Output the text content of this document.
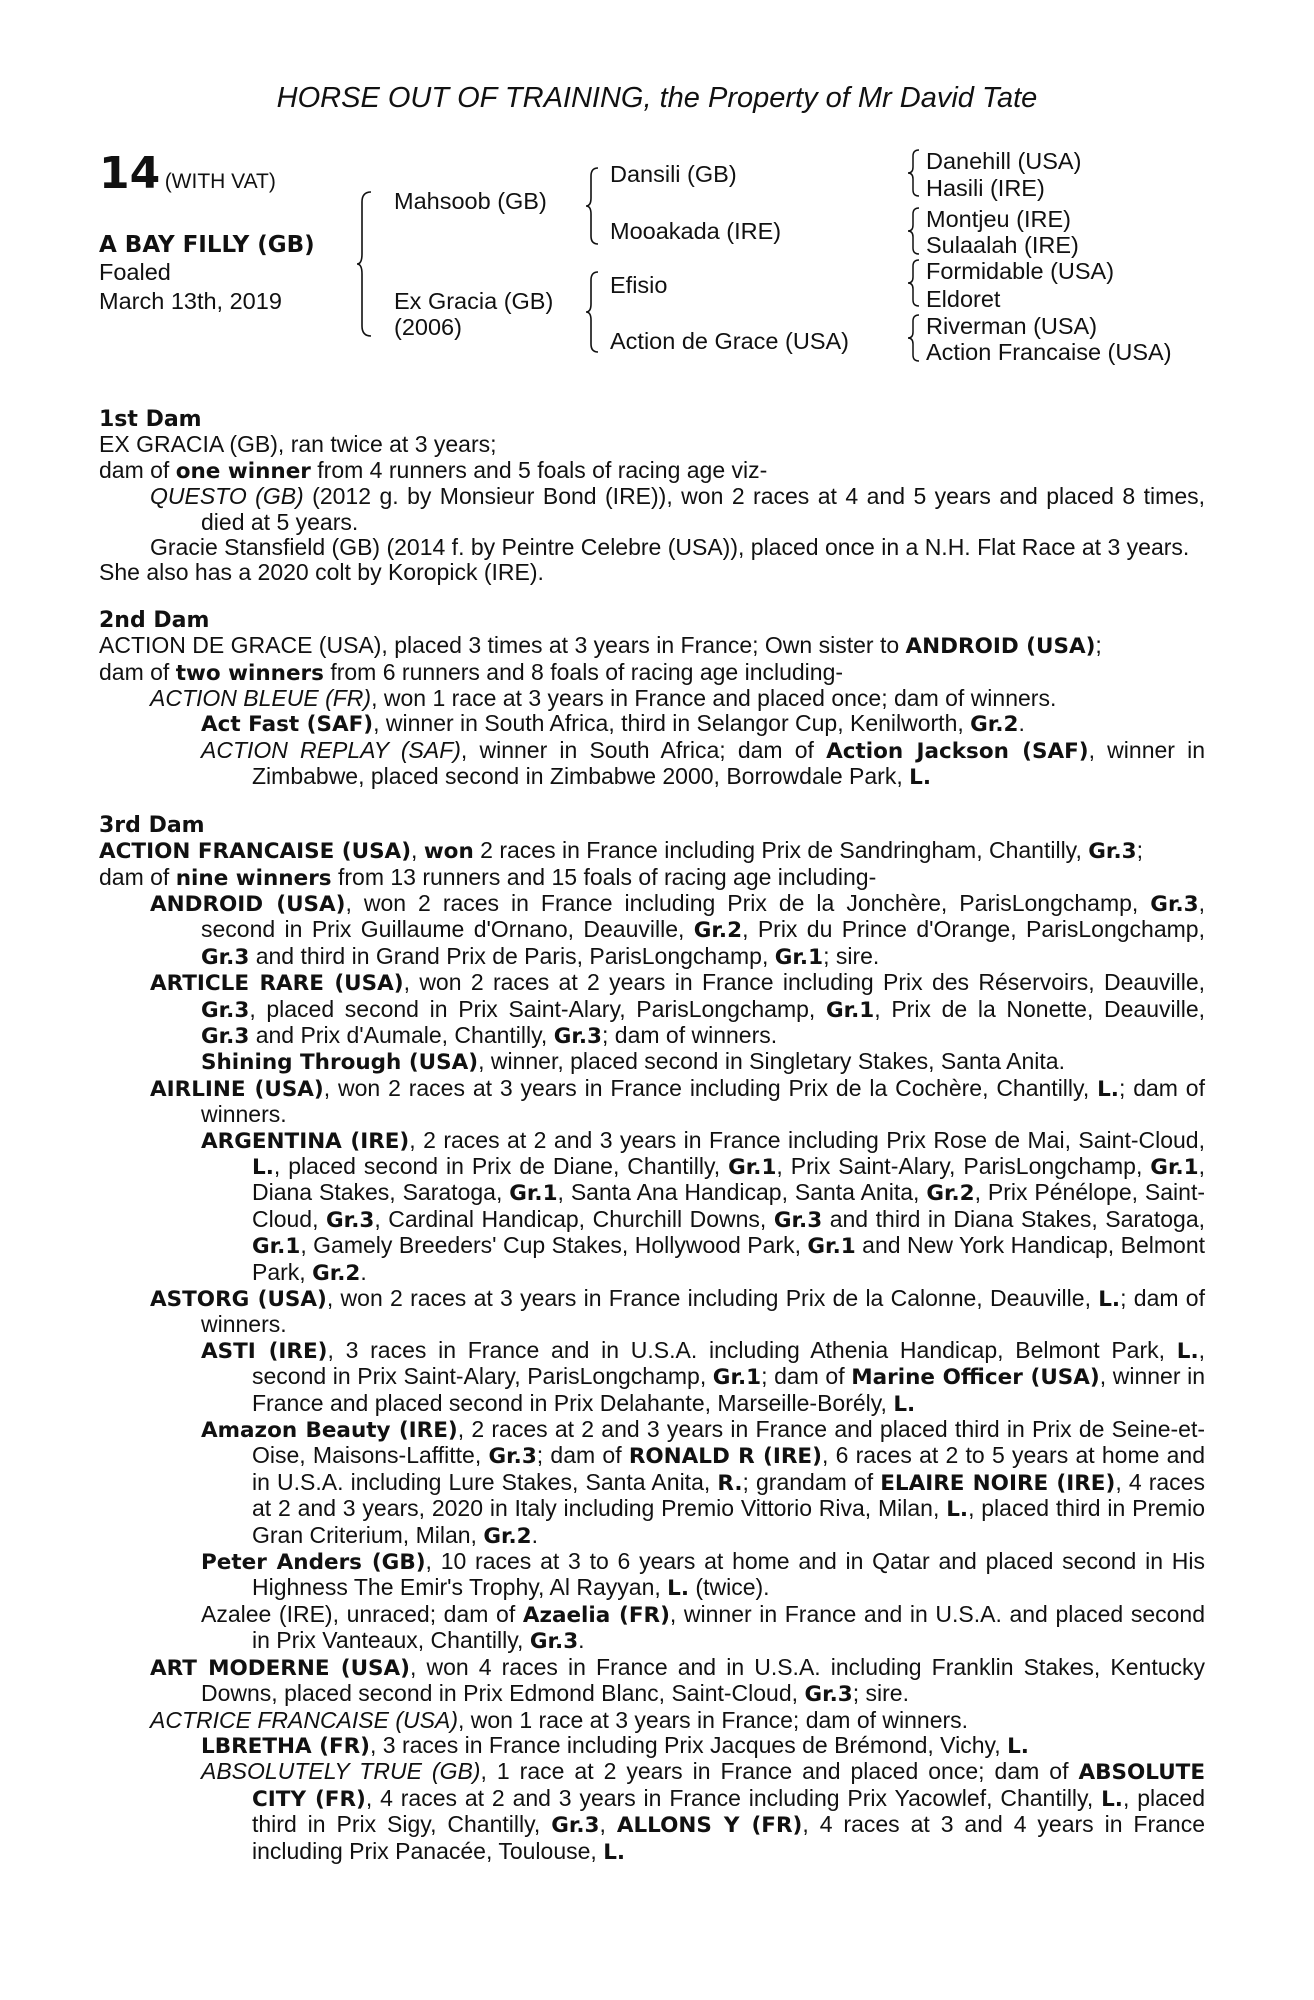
HORSE OUT OF TRAINING, the Property of Mr David Tate
14 (WITH VAT)
A BAY FILLY (GB)
Foaled
March 13th, 2019
Mahsoob (GB)
Ex Gracia (GB)
(2006)
Dansili (GB)
Mooakada (IRE)
Efisio
Action de Grace (USA)
Danehill (USA)
Hasili (IRE)
Montjeu (IRE)
Sulaalah (IRE)
Formidable (USA)
Eldoret
Riverman (USA)
Action Francaise (USA)
1st Dam
EX GRACIA (GB), ran twice at 3 years;
dam of one winner from 4 runners and 5 foals of racing age viz-
QUESTO (GB) (2012 g. by Monsieur Bond (IRE)), won 2 races at 4 and 5 years and placed 8 times, died at 5 years.
Gracie Stansfield (GB) (2014 f. by Peintre Celebre (USA)), placed once in a N.H. Flat Race at 3 years.
She also has a 2020 colt by Koropick (IRE).
2nd Dam
ACTION DE GRACE (USA), placed 3 times at 3 years in France; Own sister to ANDROID (USA);
dam of two winners from 6 runners and 8 foals of racing age including-
ACTION BLEUE (FR), won 1 race at 3 years in France and placed once; dam of winners.
Act Fast (SAF), winner in South Africa, third in Selangor Cup, Kenilworth, Gr.2.
ACTION REPLAY (SAF), winner in South Africa; dam of Action Jackson (SAF), winner in Zimbabwe, placed second in Zimbabwe 2000, Borrowdale Park, L.
3rd Dam
ACTION FRANCAISE (USA), won 2 races in France including Prix de Sandringham, Chantilly, Gr.3;
dam of nine winners from 13 runners and 15 foals of racing age including-
ANDROID (USA), won 2 races in France including Prix de la Jonchère, ParisLongchamp, Gr.3, second in Prix Guillaume d'Ornano, Deauville, Gr.2, Prix du Prince d'Orange, ParisLongchamp, Gr.3 and third in Grand Prix de Paris, ParisLongchamp, Gr.1; sire.
ARTICLE RARE (USA), won 2 races at 2 years in France including Prix des Réservoirs, Deauville, Gr.3, placed second in Prix Saint-Alary, ParisLongchamp, Gr.1, Prix de la Nonette, Deauville, Gr.3 and Prix d'Aumale, Chantilly, Gr.3; dam of winners.
Shining Through (USA), winner, placed second in Singletary Stakes, Santa Anita.
AIRLINE (USA), won 2 races at 3 years in France including Prix de la Cochère, Chantilly, L.; dam of winners.
ARGENTINA (IRE), 2 races at 2 and 3 years in France including Prix Rose de Mai, Saint-Cloud, L., placed second in Prix de Diane, Chantilly, Gr.1, Prix Saint-Alary, ParisLongchamp, Gr.1, Diana Stakes, Saratoga, Gr.1, Santa Ana Handicap, Santa Anita, Gr.2, Prix Pénélope, Saint-Cloud, Gr.3, Cardinal Handicap, Churchill Downs, Gr.3 and third in Diana Stakes, Saratoga, Gr.1, Gamely Breeders' Cup Stakes, Hollywood Park, Gr.1 and New York Handicap, Belmont Park, Gr.2.
ASTORG (USA), won 2 races at 3 years in France including Prix de la Calonne, Deauville, L.; dam of winners.
ASTI (IRE), 3 races in France and in U.S.A. including Athenia Handicap, Belmont Park, L., second in Prix Saint-Alary, ParisLongchamp, Gr.1; dam of Marine Officer (USA), winner in France and placed second in Prix Delahante, Marseille-Borély, L.
Amazon Beauty (IRE), 2 races at 2 and 3 years in France and placed third in Prix de Seine-et-Oise, Maisons-Laffitte, Gr.3; dam of RONALD R (IRE), 6 races at 2 to 5 years at home and in U.S.A. including Lure Stakes, Santa Anita, R.; grandam of ELAIRE NOIRE (IRE), 4 races at 2 and 3 years, 2020 in Italy including Premio Vittorio Riva, Milan, L., placed third in Premio Gran Criterium, Milan, Gr.2.
Peter Anders (GB), 10 races at 3 to 6 years at home and in Qatar and placed second in His Highness The Emir's Trophy, Al Rayyan, L. (twice).
Azalee (IRE), unraced; dam of Azaelia (FR), winner in France and in U.S.A. and placed second in Prix Vanteaux, Chantilly, Gr.3.
ART MODERNE (USA), won 4 races in France and in U.S.A. including Franklin Stakes, Kentucky Downs, placed second in Prix Edmond Blanc, Saint-Cloud, Gr.3; sire.
ACTRICE FRANCAISE (USA), won 1 race at 3 years in France; dam of winners.
LBRETHA (FR), 3 races in France including Prix Jacques de Brémond, Vichy, L.
ABSOLUTELY TRUE (GB), 1 race at 2 years in France and placed once; dam of ABSOLUTE CITY (FR), 4 races at 2 and 3 years in France including Prix Yacowlef, Chantilly, L., placed third in Prix Sigy, Chantilly, Gr.3, ALLONS Y (FR), 4 races at 3 and 4 years in France including Prix Panacée, Toulouse, L.
